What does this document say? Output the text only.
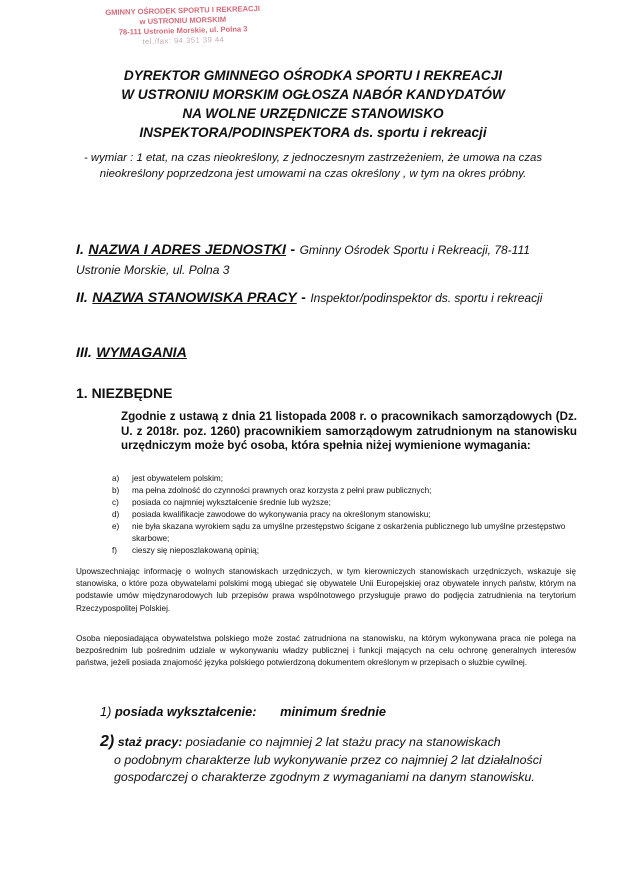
GMINNY OŚRODEK SPORTU I REKREACJI
w USTRONIU MORSKIM
78-111 Ustronie Morskie, ul. Polna 3
tel./fax: 94 351 39 44
DYREKTOR GMINNEGO OŚRODKA SPORTU I REKREACJI
W USTRONIU MORSKIM OGŁOSZA NABÓR KANDYDATÓW
NA WOLNE URZĘDNICZE STANOWISKO
INSPEKTORA/PODINSPEKTORA ds. sportu i rekreacji
- wymiar : 1 etat, na czas nieokreślony, z jednoczesnym zastrzeżeniem, że umowa na czas nieokreślony poprzedzona jest umowami na czas określony , w tym na okres próbny.
I. NAZWA I ADRES JEDNOSTKI - Gminny Ośrodek Sportu i Rekreacji, 78-111 Ustronie Morskie, ul. Polna 3
II. NAZWA STANOWISKA PRACY - Inspektor/podinspektor ds. sportu i rekreacji
III. WYMAGANIA
1. NIEZBĘDNE
Zgodnie z ustawą z dnia 21 listopada 2008 r. o pracownikach samorządowych (Dz. U. z 2018r. poz. 1260) pracownikiem samorządowym zatrudnionym na stanowisku urzędniczym może być osoba, która spełnia niżej wymienione wymagania:
a)	jest obywatelem polskim;
b)	ma pełna zdolność do czynności prawnych oraz korzysta z pełni praw publicznych;
c)	posiada co najmniej wykształcenie średnie lub wyższe;
d)	posiada kwalifikacje zawodowe do wykonywania pracy na określonym stanowisku;
e)	nie była skazana wyrokiem sądu za umyślne przestępstwo ścigane z oskarżenia publicznego lub umyślne przestępstwo skarbowe;
f)	cieszy się nieposzlakowaną opinią;
Upowszechniając informację o wolnych stanowiskach urzędniczych, w tym kierowniczych stanowiskach urzędniczych, wskazuje się stanowiska, o które poza obywatelami polskimi mogą ubiegać się obywatele Unii Europejskiej oraz obywatele innych państw, którym na podstawie umów międzynarodowych lub przepisów prawa wspólnotowego przysługuje prawo do podjęcia zatrudnienia na terytorium Rzeczypospolitej Polskiej.
Osoba nieposiadająca obywatelstwa polskiego może zostać zatrudniona na stanowisku, na którym wykonywana praca nie polega na bezpośrednim lub pośrednim udziale w wykonywaniu władzy publicznej i funkcji mających na celu ochronę generalnych interesów państwa, jeżeli posiada znajomość języka polskiego potwierdzoną dokumentem określonym w przepisach o służbie cywilnej.
1) posiada wykształcenie: minimum średnie
2) staż pracy: posiadanie co najmniej 2 lat stażu pracy na stanowiskach
o podobnym charakterze lub wykonywanie przez co najmniej 2 lat działalności gospodarczej o charakterze zgodnym z wymaganiami na danym stanowisku.
